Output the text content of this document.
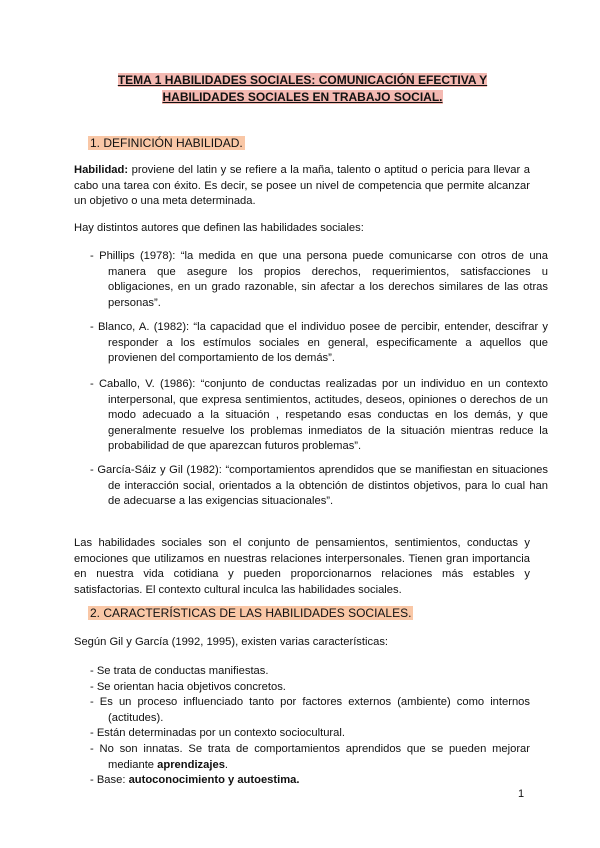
TEMA 1 HABILIDADES SOCIALES: COMUNICACIÓN EFECTIVA Y
HABILIDADES SOCIALES EN TRABAJO SOCIAL.
1. DEFINICIÓN HABILIDAD.
Habilidad: proviene del latin y se refiere a la maña, talento o aptitud o pericia para llevar a cabo una tarea con éxito. Es decir, se posee un nivel de competencia que permite alcanzar un objetivo o una meta determinada.
Hay distintos autores que definen las habilidades sociales:
- Phillips (1978): “la medida en que una persona puede comunicarse con otros de una manera que asegure los propios derechos, requerimientos, satisfacciones u obligaciones, en un grado razonable, sin afectar a los derechos similares de las otras personas”.
- Blanco, A. (1982): “la capacidad que el individuo posee de percibir, entender, descifrar y responder a los estímulos sociales en general, especificamente a aquellos que provienen del comportamiento de los demás”.
- Caballo, V. (1986): “conjunto de conductas realizadas por un individuo en un contexto interpersonal, que expresa sentimientos, actitudes, deseos, opiniones o derechos de un modo adecuado a la situación , respetando esas conductas en los demás, y que generalmente resuelve los problemas inmediatos de la situación mientras reduce la probabilidad de que aparezcan futuros problemas”.
- García-Sáiz y Gil (1982): “comportamientos aprendidos que se manifiestan en situaciones de interacción social, orientados a la obtención de distintos objetivos, para lo cual han de adecuarse a las exigencias situacionales”.
Las habilidades sociales son el conjunto de pensamientos, sentimientos, conductas y emociones que utilizamos en nuestras relaciones interpersonales. Tienen gran importancia en nuestra vida cotidiana y pueden proporcionarnos relaciones más estables y satisfactorias. El contexto cultural inculca las habilidades sociales.
2. CARACTERÍSTICAS DE LAS HABILIDADES SOCIALES.
Según Gil y García (1992, 1995), existen varias características:
- Se trata de conductas manifiestas.
- Se orientan hacia objetivos concretos.
- Es un proceso influenciado tanto por factores externos (ambiente) como internos (actitudes).
- Están determinadas por un contexto sociocultural.
- No son innatas. Se trata de comportamientos aprendidos que se pueden mejorar mediante aprendizajes.
- Base: autoconocimiento y autoestima.
1
